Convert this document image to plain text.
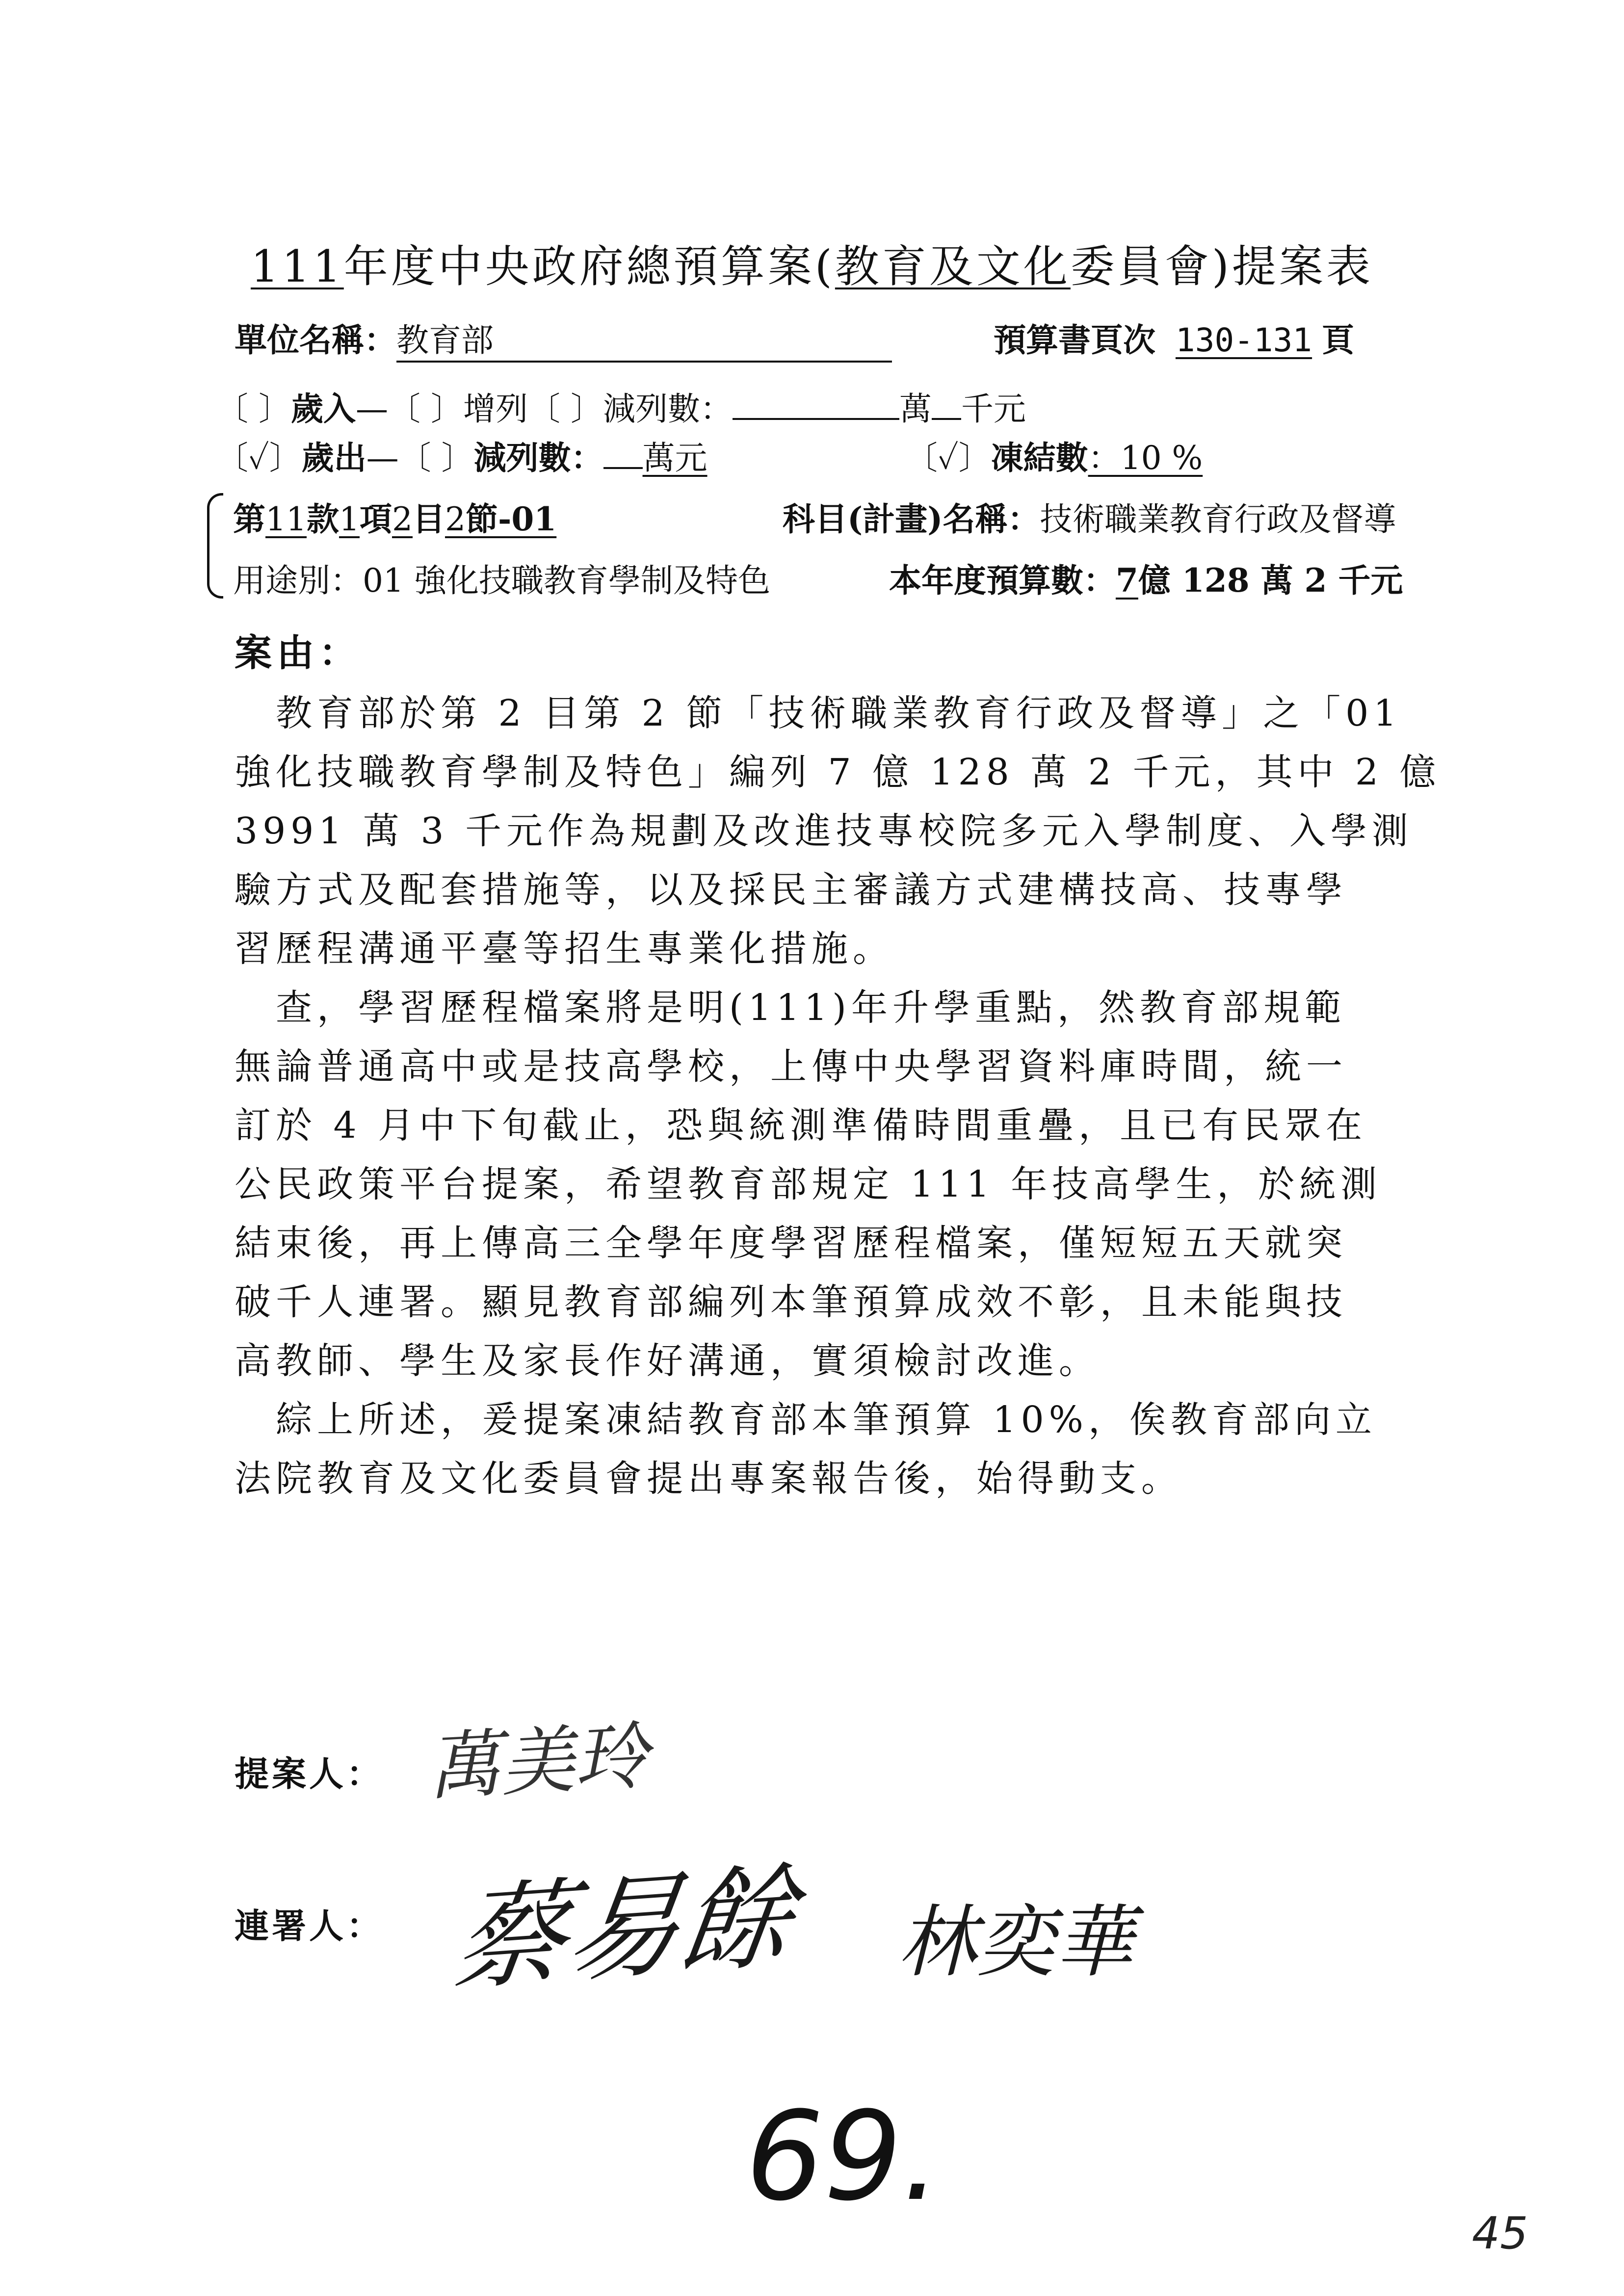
111年度中央政府總預算案(教育及文化委員會)提案表
單位名稱：教育部	預算書頁次 130-131 頁
〔 〕歲入—〔 〕增列〔 〕減列數：	萬 千元
〔✓〕歲出—〔 〕減列數： 萬元	〔✓〕凍結數：10 %
第11款1項2目2節-01	科目(計畫)名稱：技術職業教育行政及督導
用途別：01 強化技職教育學制及特色	本年度預算數：7億 128 萬 2 千元
案由：
　教育部於第 2 目第 2 節「技術職業教育行政及督導」之「01
強化技職教育學制及特色」編列 7 億 128 萬 2 千元，其中 2 億
3991 萬 3 千元作為規劃及改進技專校院多元入學制度、入學測
驗方式及配套措施等，以及採民主審議方式建構技高、技專學
習歷程溝通平臺等招生專業化措施。
　查，學習歷程檔案將是明(111)年升學重點，然教育部規範
無論普通高中或是技高學校，上傳中央學習資料庫時間，統一
訂於 4 月中下旬截止，恐與統測準備時間重疊，且已有民眾在
公民政策平台提案，希望教育部規定 111 年技高學生，於統測
結束後，再上傳高三全學年度學習歷程檔案，僅短短五天就突
破千人連署。顯見教育部編列本筆預算成效不彰，且未能與技
高教師、學生及家長作好溝通，實須檢討改進。
　綜上所述，爰提案凍結教育部本筆預算 10%，俟教育部向立
法院教育及文化委員會提出專案報告後，始得動支。
提案人： 萬美玲
連署人： 蔡易餘 林奕華
69.
45
